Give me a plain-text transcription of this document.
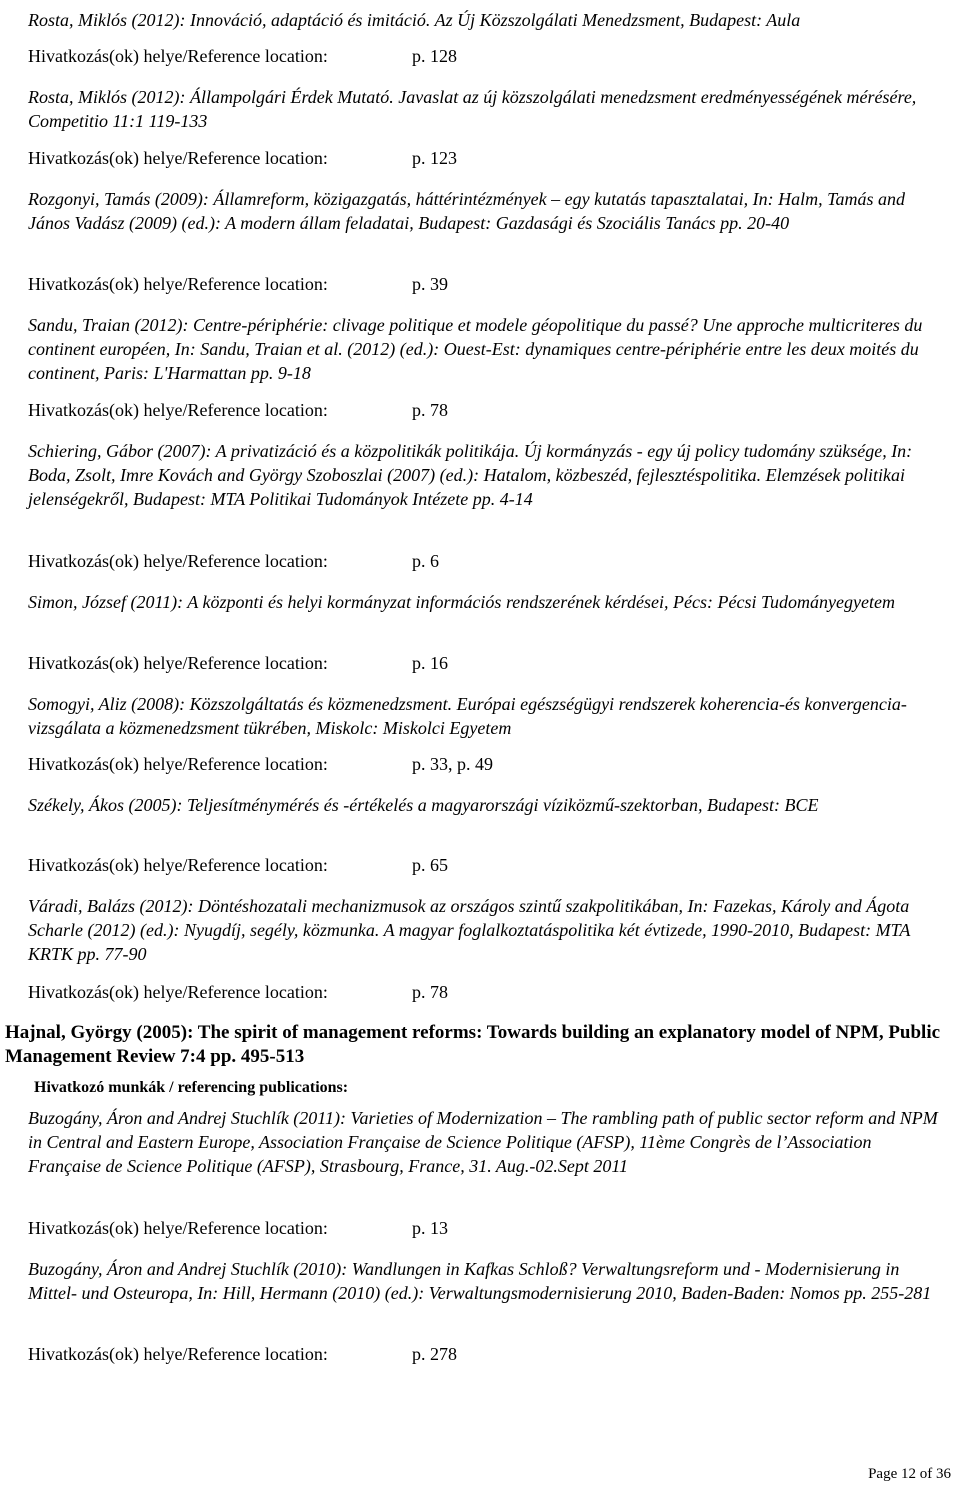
Rosta, Miklós (2012): Innováció, adaptáció és imitáció. Az Új Közszolgálati Menedzsment, Budapest: Aula

Hivatkozás(ok) helye/Reference location:	p. 128

Rosta, Miklós (2012): Állampolgári Érdek Mutató. Javaslat az új közszolgálati menedzsment eredményességének mérésére, Competitio 11:1 119-133

Hivatkozás(ok) helye/Reference location:	p. 123

Rozgonyi, Tamás (2009): Államreform, közigazgatás, háttérintézmények – egy kutatás tapasztalatai, In: Halm, Tamás and János Vadász (2009) (ed.): A modern állam feladatai, Budapest: Gazdasági és Szociális Tanács pp. 20-40

Hivatkozás(ok) helye/Reference location:	p. 39

Sandu, Traian (2012): Centre-périphérie: clivage politique et modele géopolitique du passé? Une approche multicriteres du continent européen, In: Sandu, Traian et al. (2012) (ed.): Ouest-Est: dynamiques centre-périphérie entre les deux moités du continent, Paris: L'Harmattan pp. 9-18

Hivatkozás(ok) helye/Reference location:	p. 78

Schiering, Gábor (2007): A privatizáció és a közpolitikák politikája. Új kormányzás - egy új policy tudomány szüksége, In: Boda, Zsolt, Imre Kovách and György Szoboszlai (2007) (ed.): Hatalom, közbeszéd, fejlesztéspolitika. Elemzések politikai jelenségekről, Budapest: MTA Politikai Tudományok Intézete pp. 4-14

Hivatkozás(ok) helye/Reference location:	p. 6

Simon, József (2011): A központi és helyi kormányzat információs rendszerének kérdései, Pécs: Pécsi Tudományegyetem

Hivatkozás(ok) helye/Reference location:	p. 16

Somogyi, Aliz (2008): Közszolgáltatás és közmenedzsment. Európai egészségügyi rendszerek koherencia-és konvergencia-vizsgálata a közmenedzsment tükrében, Miskolc: Miskolci Egyetem

Hivatkozás(ok) helye/Reference location:	p. 33, p. 49

Székely, Ákos (2005): Teljesítménymérés és -értékelés a magyarországi víziközmű-szektorban, Budapest: BCE

Hivatkozás(ok) helye/Reference location:	p. 65

Váradi, Balázs (2012): Döntéshozatali mechanizmusok az országos szintű szakpolitikában, In: Fazekas, Károly and Ágota Scharle (2012) (ed.): Nyugdíj, segély, közmunka. A magyar foglalkoztatáspolitika két évtizede, 1990-2010, Budapest: MTA KRTK pp. 77-90

Hivatkozás(ok) helye/Reference location:	p. 78

Hajnal, György (2005): The spirit of management reforms: Towards building an explanatory model of NPM, Public Management Review 7:4 pp. 495-513
Hivatkozó munkák / referencing publications:

Buzogány, Áron and Andrej Stuchlík (2011): Varieties of Modernization – The rambling path of public sector reform and NPM in Central and Eastern Europe, Association Française de Science Politique (AFSP), 11ème Congrès de l’Association Française de Science Politique (AFSP), Strasbourg, France, 31. Aug.-02.Sept 2011

Hivatkozás(ok) helye/Reference location:	p. 13

Buzogány, Áron and Andrej Stuchlík (2010): Wandlungen in Kafkas Schloß? Verwaltungsreform und - Modernisierung in Mittel- und Osteuropa, In: Hill, Hermann (2010) (ed.): Verwaltungsmodernisierung 2010, Baden-Baden: Nomos pp. 255-281

Hivatkozás(ok) helye/Reference location:	p. 278

Page 12 of 36
